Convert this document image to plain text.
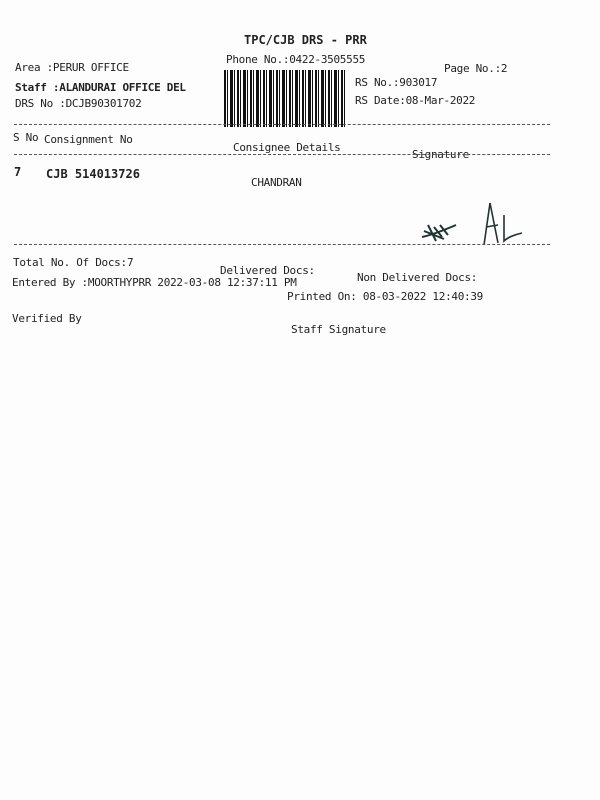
TPC/CJB DRS - PRR
Phone No.:0422-3505555
Page No.:2
RS No.:903017
RS Date:08-Mar-2022
Area :PERUR OFFICE
Staff :ALANDURAI OFFICE DEL
DRS No :DCJB90301702
S No Consignment No
Consignee Details
Signature
7 CJB 514013726
CHANDRAN
Total No. Of Docs: 7
Delivered Docs:
Non Delivered Docs:
Entered By :MOORTHYPRR 2022-03-08 12:37:11 PM
Printed On: 08-03-2022 12:40:39
Verified By
Staff Signature
